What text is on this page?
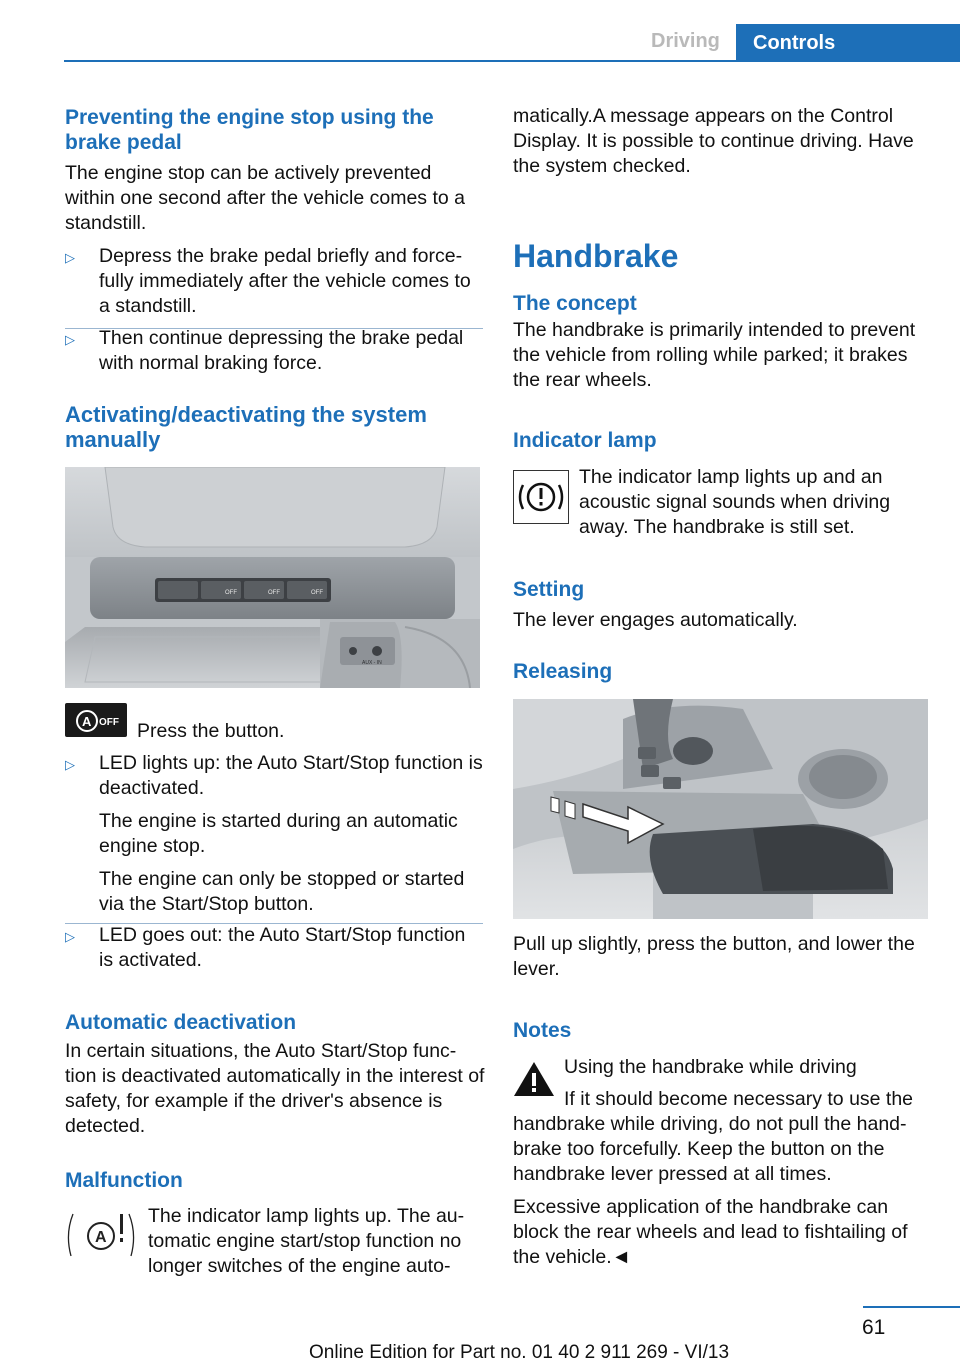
Driving	Controls
Preventing the engine stop using the brake pedal

The engine stop can be actively prevented within one second after the vehicle comes to a standstill.

▷ Depress the brake pedal briefly and force-fully immediately after the vehicle comes to a standstill.
▷ Then continue depressing the brake pedal with normal braking force.
Activating/deactivating the system manually
OFF	OFF	OFF
AUX - IN
A OFF Press the button.

▷ LED lights up: the Auto Start/Stop function is deactivated.
The engine is started during an automatic engine stop.
The engine can only be stopped or started via the Start/Stop button.
▷ LED goes out: the Auto Start/Stop function is activated.
Automatic deactivation

In certain situations, the Auto Start/Stop func-tion is deactivated automatically in the interest of safety, for example if the driver's absence is detected.

Malfunction
A

The indicator lamp lights up. The au-tomatic engine start/stop function no longer switches of the engine auto-

matically.A message appears on the Control Display. It is possible to continue driving. Have the system checked.

Handbrake
The concept

The handbrake is primarily intended to prevent the vehicle from rolling while parked; it brakes the rear wheels.

Indicator lamp

The indicator lamp lights up and an acoustic signal sounds when driving away. The handbrake is still set.

Setting

The lever engages automatically.

Releasing

Pull up slightly, press the button, and lower the lever.

Notes

Using the handbrake while driving

If it should become necessary to use the handbrake while driving, do not pull the hand-brake too forcefully. Keep the button on the handbrake lever pressed at all times.

Excessive application of the handbrake can block the rear wheels and lead to fishtailing of the vehicle.◄

61
Online Edition for Part no. 01 40 2 911 269 - VI/13
